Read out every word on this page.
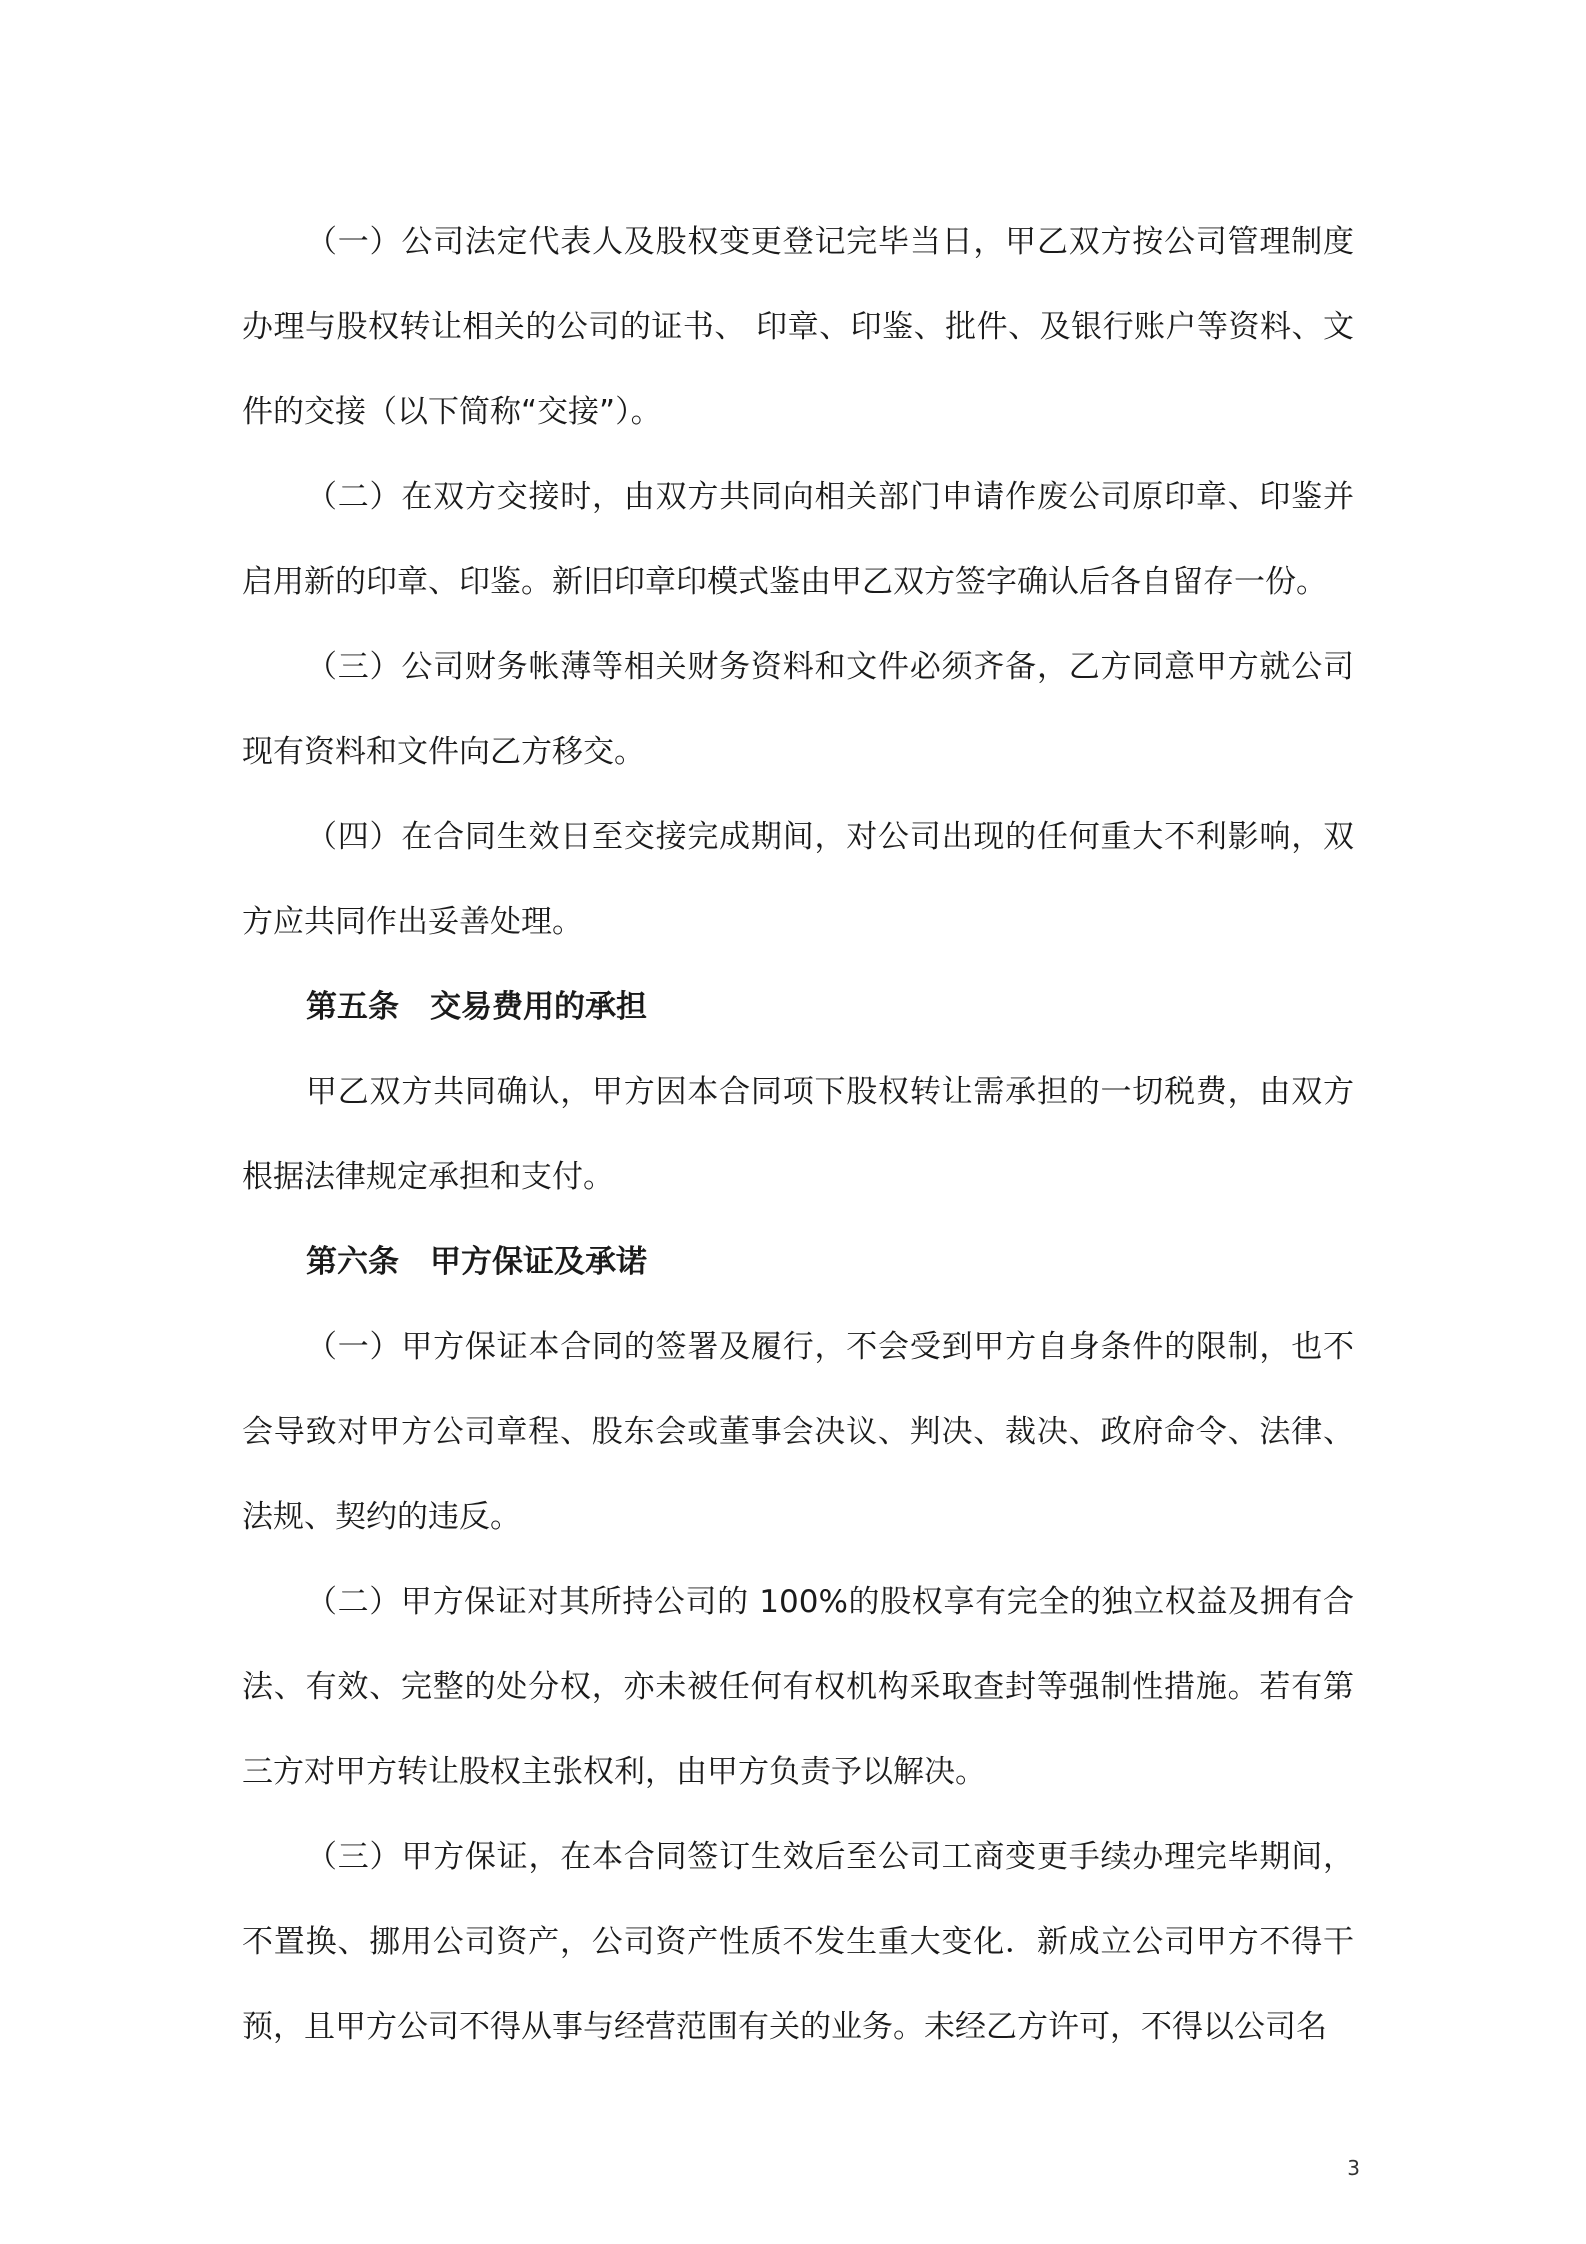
（一）公司法定代表人及股权变更登记完毕当日，甲乙双方按公司管理制度办理与股权转让相关的公司的证书、 印章、印鉴、批件、及银行账户等资料、文件的交接（以下简称“交接”）。

（二）在双方交接时，由双方共同向相关部门申请作废公司原印章、印鉴并启用新的印章、印鉴。新旧印章印模式鉴由甲乙双方签字确认后各自留存一份。

（三）公司财务帐薄等相关财务资料和文件必须齐备，乙方同意甲方就公司现有资料和文件向乙方移交。

（四）在合同生效日至交接完成期间，对公司出现的任何重大不利影响，双方应共同作出妥善处理。

第五条　交易费用的承担

甲乙双方共同确认，甲方因本合同项下股权转让需承担的一切税费，由双方根据法律规定承担和支付。

第六条　甲方保证及承诺

（一）甲方保证本合同的签署及履行，不会受到甲方自身条件的限制，也不会导致对甲方公司章程、股东会或董事会决议、判决、裁决、政府命令、法律、法规、契约的违反。

（二）甲方保证对其所持公司的 100%的股权享有完全的独立权益及拥有合法、有效、完整的处分权，亦未被任何有权机构采取查封等强制性措施。若有第三方对甲方转让股权主张权利，由甲方负责予以解决。

（三）甲方保证，在本合同签订生效后至公司工商变更手续办理完毕期间，不置换、挪用公司资产，公司资产性质不发生重大变化．新成立公司甲方不得干预，且甲方公司不得从事与经营范围有关的业务。未经乙方许可，不得以公司名

3
